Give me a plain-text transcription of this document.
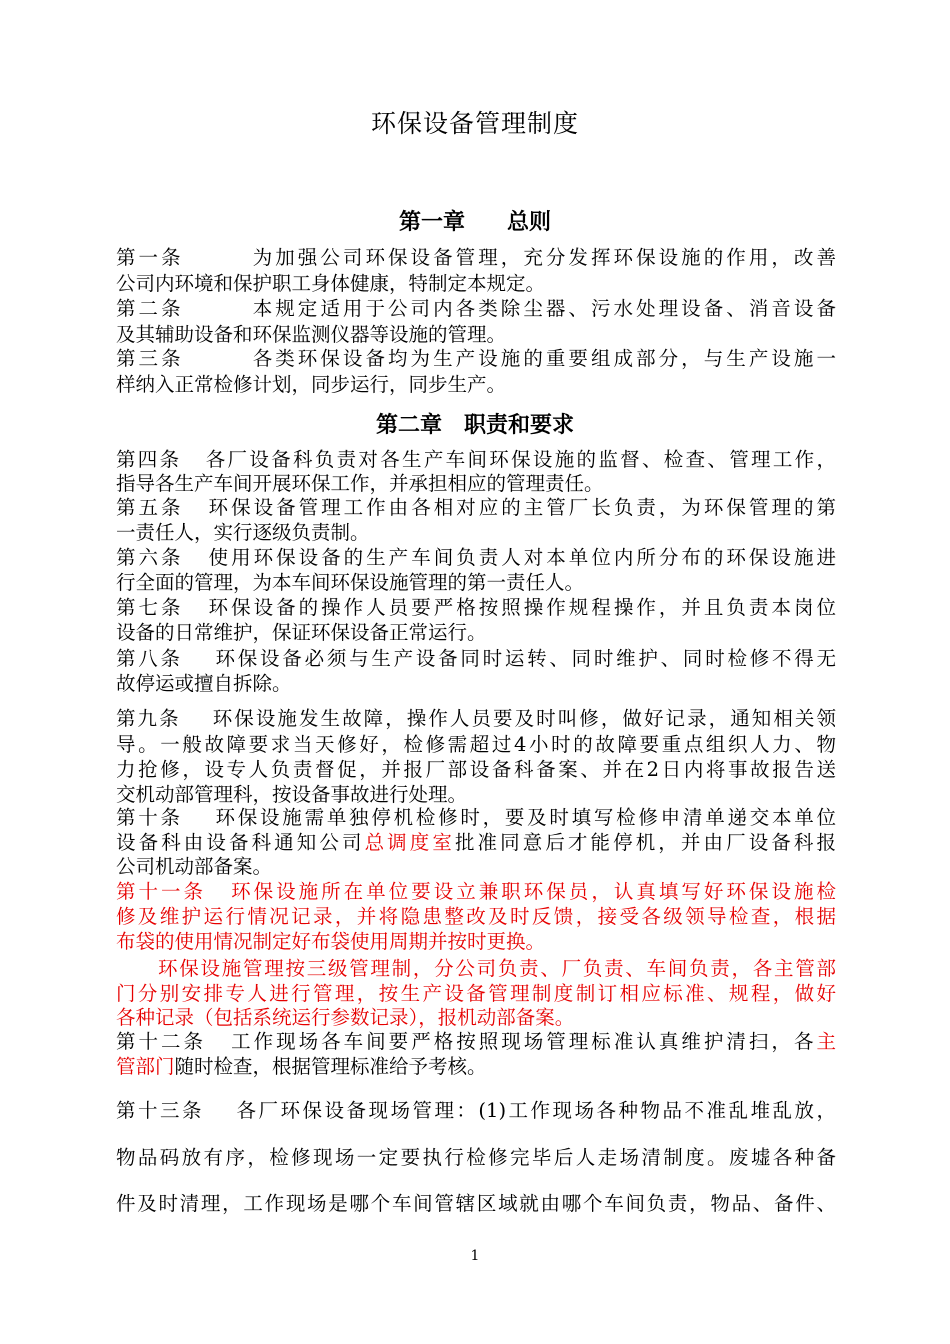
环保设备管理制度
第一章 总则
第一条	为加强公司环保设备管理，充分发挥环保设施的作用，改善
公司内环境和保护职工身体健康，特制定本规定。
第二条	本规定适用于公司内各类除尘器、污水处理设备、消音设备
及其辅助设备和环保监测仪器等设施的管理。
第三条	各类环保设备均为生产设施的重要组成部分，与生产设施一
样纳入正常检修计划，同步运行，同步生产。
第二章 职责和要求
第四条 各厂设备科负责对各生产车间环保设施的监督、检查、管理工作，
指导各生产车间开展环保工作，并承担相应的管理责任。
第五条 环保设备管理工作由各相对应的主管厂长负责，为环保管理的第
一责任人，实行逐级负责制。
第六条 使用环保设备的生产车间负责人对本单位内所分布的环保设施进
行全面的管理，为本车间环保设施管理的第一责任人。
第七条 环保设备的操作人员要严格按照操作规程操作，并且负责本岗位
设备的日常维护，保证环保设备正常运行。
第八条 环保设备必须与生产设备同时运转、同时维护、同时检修不得无
故停运或擅自拆除。
第九条 环保设施发生故障，操作人员要及时叫修，做好记录，通知相关领
导。一般故障要求当天修好，检修需超过4小时的故障要重点组织人力、物
力抢修，设专人负责督促，并报厂部设备科备案、并在2日内将事故报告送
交机动部管理科，按设备事故进行处理。
第十条 环保设施需单独停机检修时，要及时填写检修申清单递交本单位
设备科由设备科通知公司总调度室批准同意后才能停机，并由厂设备科报
公司机动部备案。
第十一条 环保设施所在单位要设立兼职环保员，认真填写好环保设施检
修及维护运行情况记录，并将隐患整改及时反馈，接受各级领导检查，根据
布袋的使用情况制定好布袋使用周期并按时更换。
环保设施管理按三级管理制，分公司负责、厂负责、车间负责，各主管部
门分别安排专人进行管理，按生产设备管理制度制订相应标准、规程，做好
各种记录（包括系统运行参数记录），报机动部备案。
第十二条 工作现场各车间要严格按照现场管理标准认真维护清扫，各主
管部门随时检查，根据管理标准给予考核。
第十三条 各厂环保设备现场管理：(1)工作现场各种物品不准乱堆乱放，
物品码放有序，检修现场一定要执行检修完毕后人走场清制度。废墟各种备
件及时清理，工作现场是哪个车间管辖区域就由哪个车间负责，物品、备件、
1
